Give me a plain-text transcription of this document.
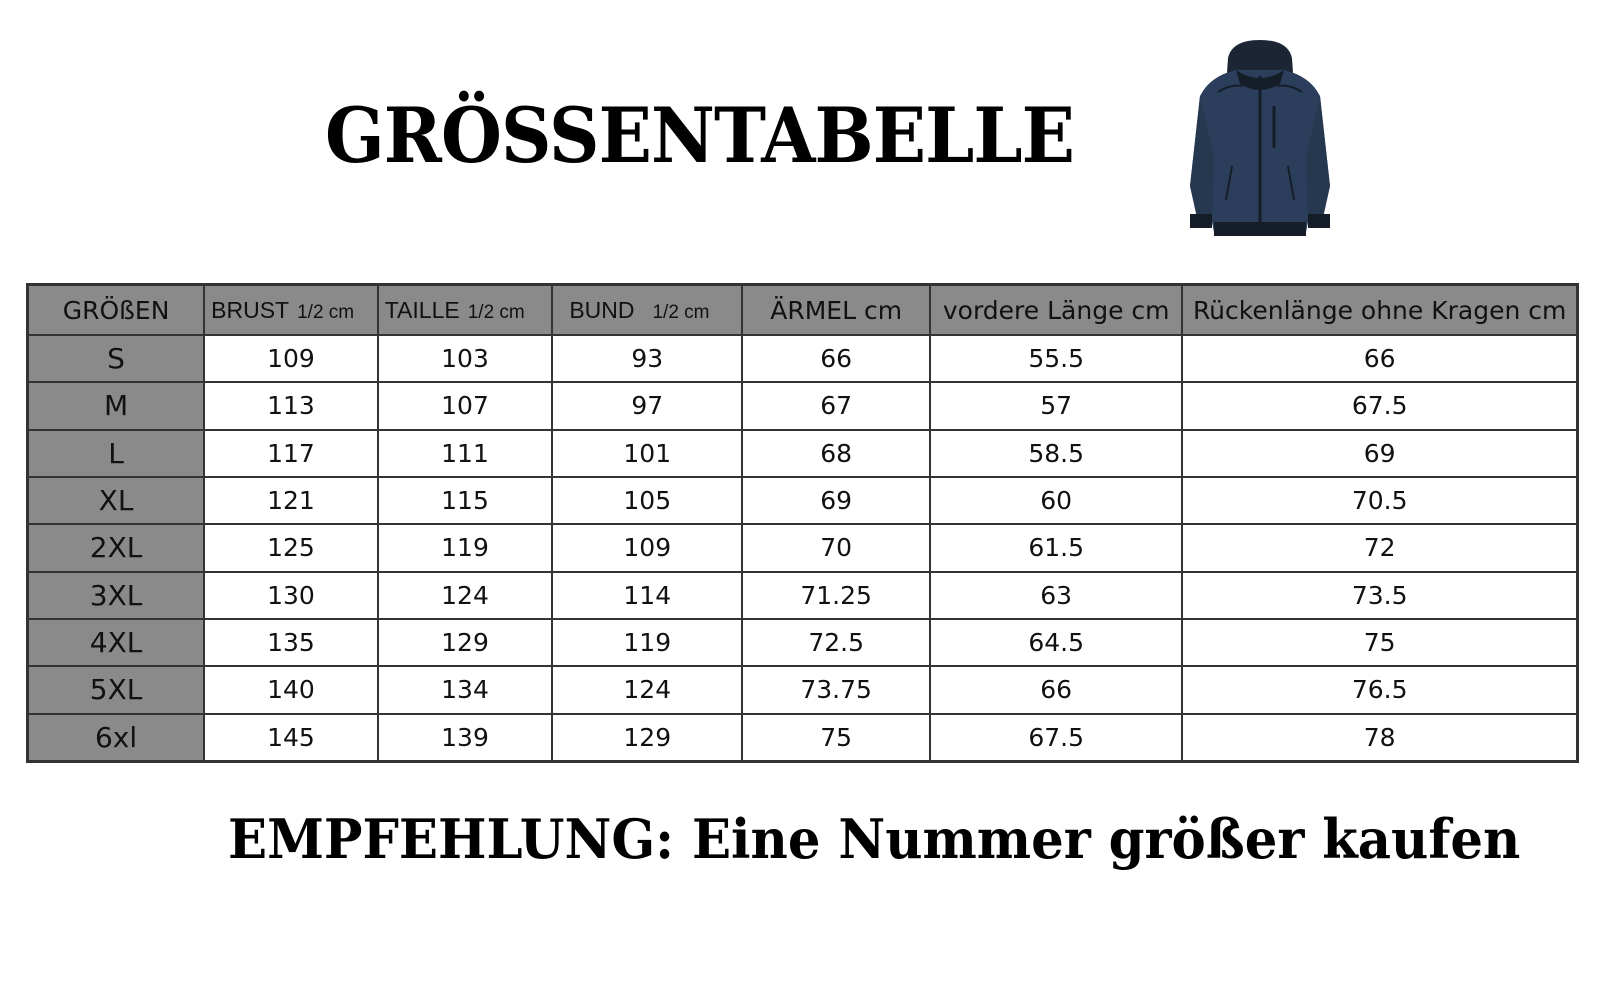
GRÖSSENTABELLE
GRÖßEN	BRUST 1/2 cm	TAILLE 1/2 cm	BUND 1/2 cm	ÄRMEL cm	vordere Länge cm	Rückenlänge ohne Kragen cm
S	109	103	93	66	55.5	66
M	113	107	97	67	57	67.5
L	117	111	101	68	58.5	69
XL	121	115	105	69	60	70.5
2XL	125	119	109	70	61.5	72
3XL	130	124	114	71.25	63	73.5
4XL	135	129	119	72.5	64.5	75
5XL	140	134	124	73.75	66	76.5
6xl	145	139	129	75	67.5	78
EMPFEHLUNG: Eine Nummer größer kaufen
